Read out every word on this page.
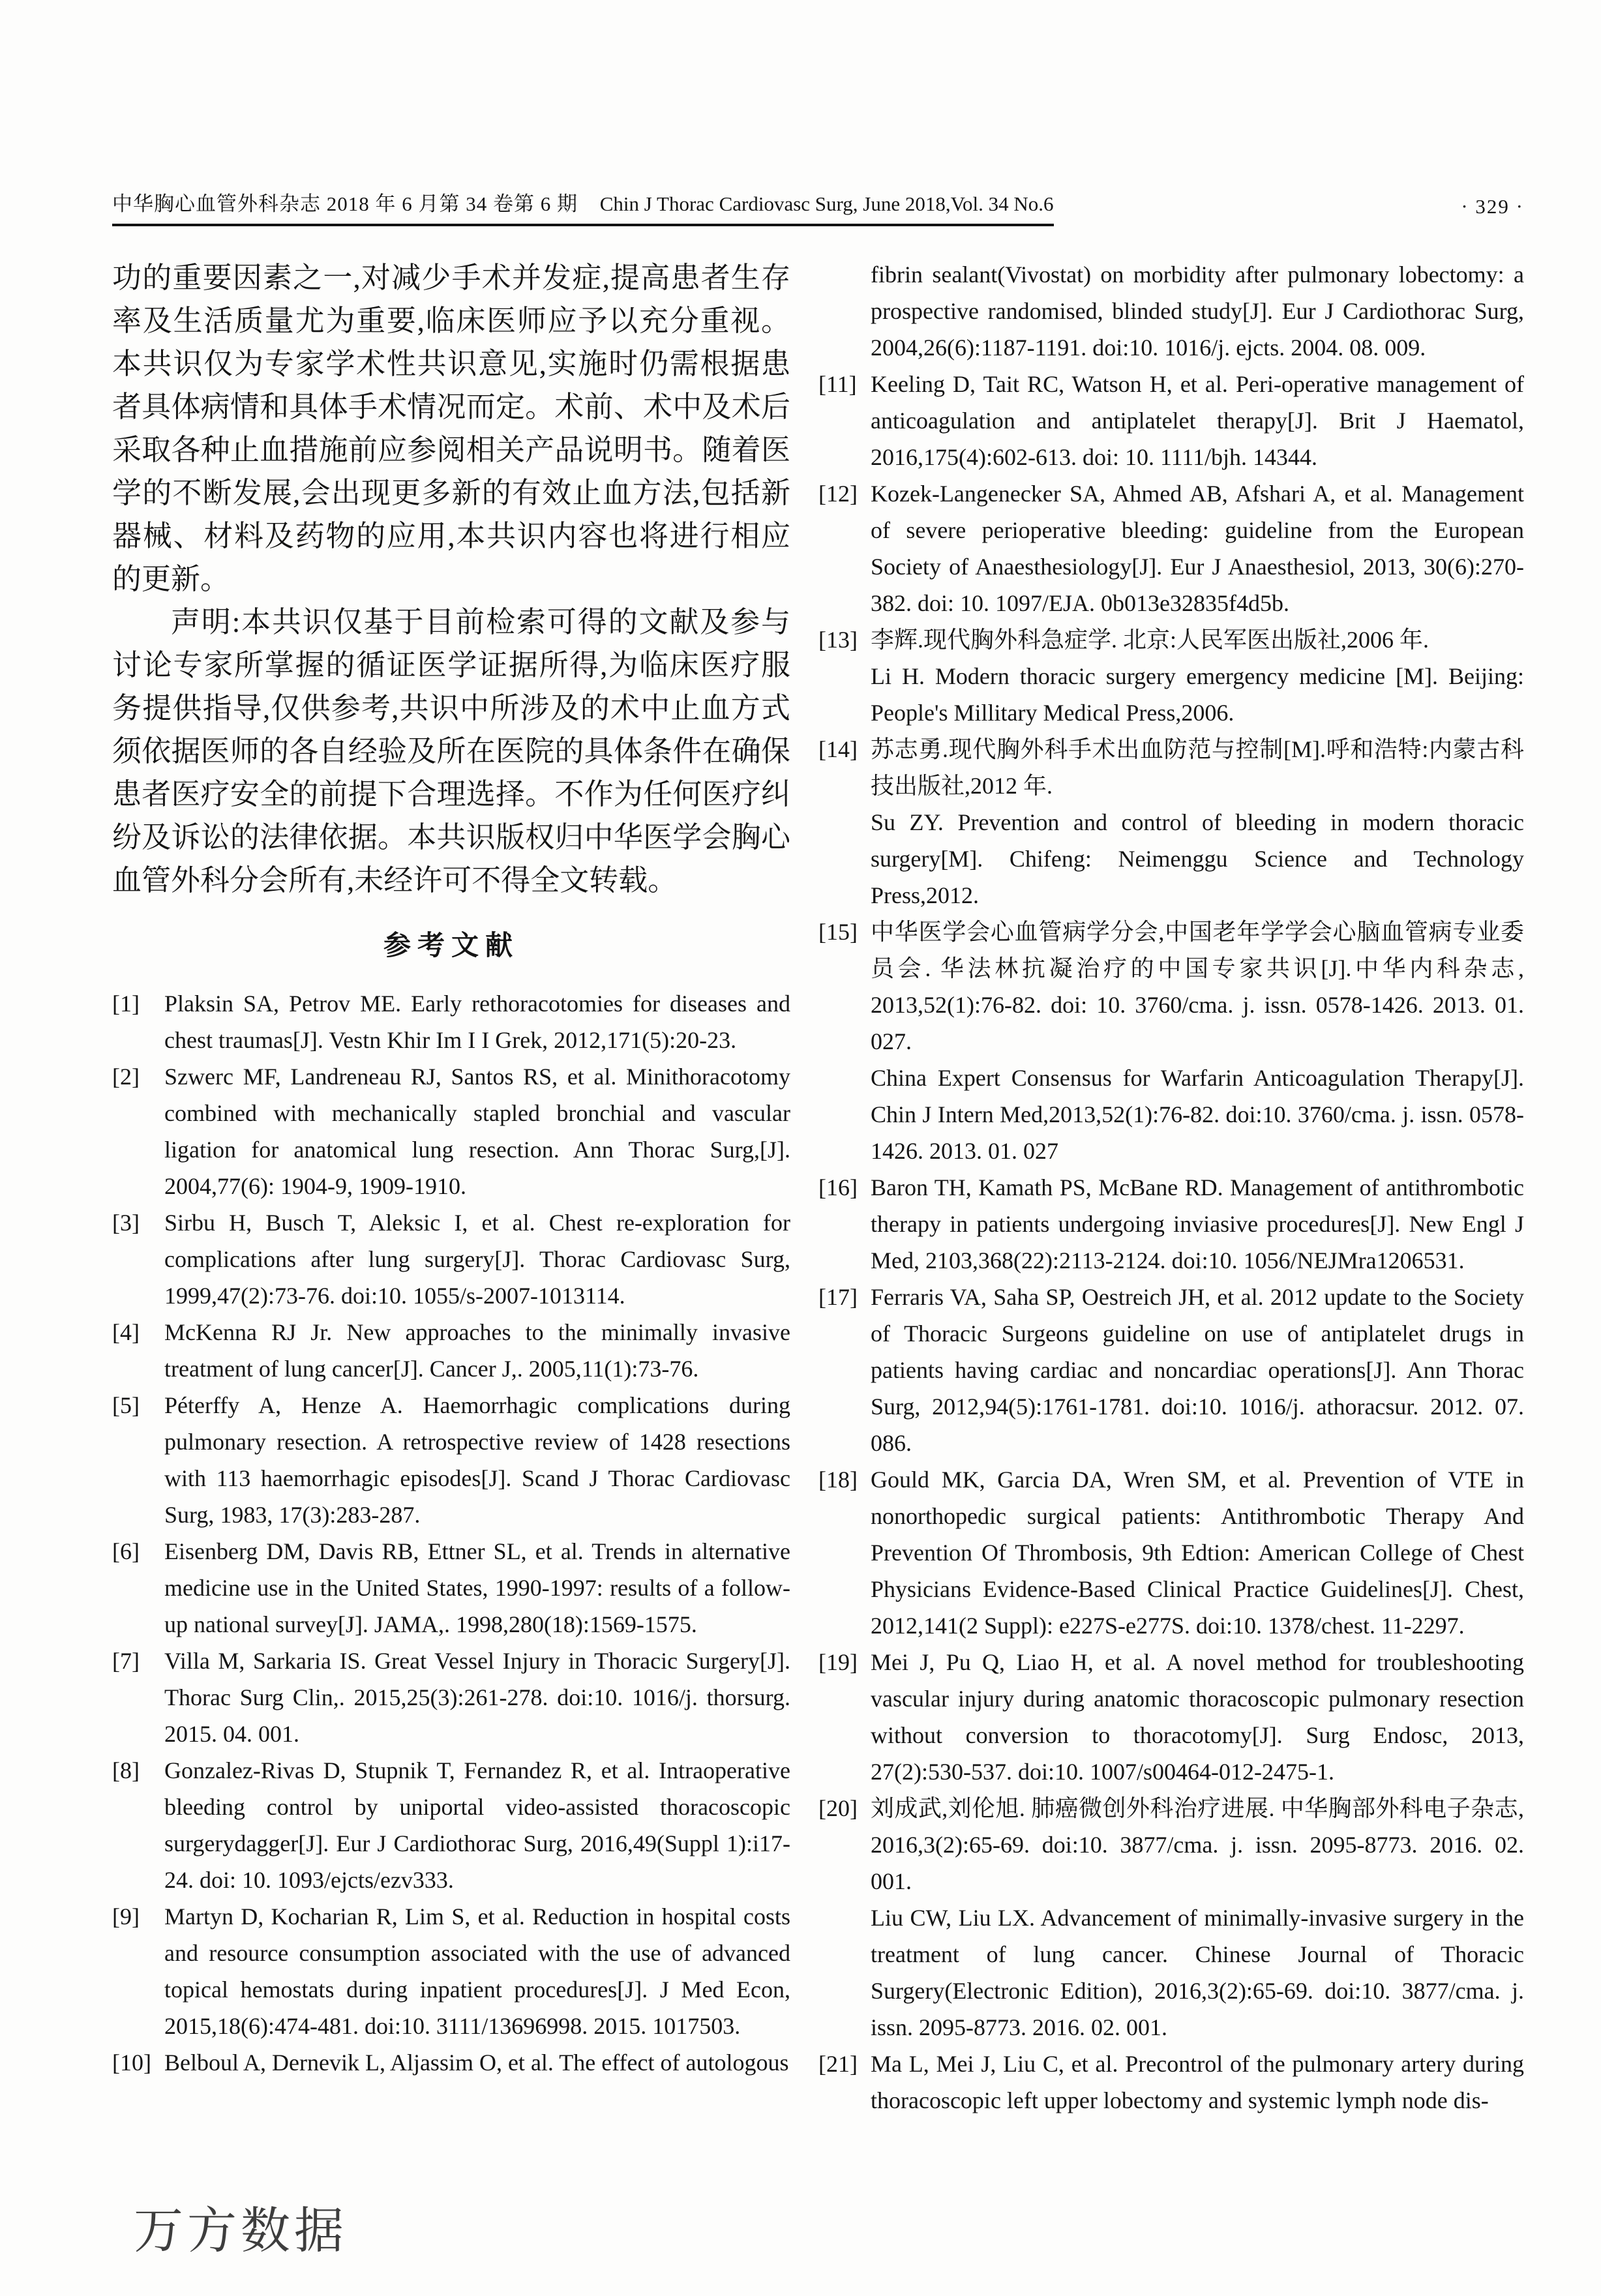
中华胸心血管外科杂志 2018 年 6 月第 34 卷第 6 期 Chin J Thorac Cardiovasc Surg, June 2018,Vol. 34 No.6	· 329 ·

功的重要因素之一,对减少手术并发症,提高患者生存率及生活质量尤为重要,临床医师应予以充分重视。本共识仅为专家学术性共识意见,实施时仍需根据患者具体病情和具体手术情况而定。术前、术中及术后采取各种止血措施前应参阅相关产品说明书。随着医学的不断发展,会出现更多新的有效止血方法,包括新器械、材料及药物的应用,本共识内容也将进行相应的更新。

声明:本共识仅基于目前检索可得的文献及参与讨论专家所掌握的循证医学证据所得,为临床医疗服务提供指导,仅供参考,共识中所涉及的术中止血方式须依据医师的各自经验及所在医院的具体条件在确保患者医疗安全的前提下合理选择。不作为任何医疗纠纷及诉讼的法律依据。本共识版权归中华医学会胸心血管外科分会所有,未经许可不得全文转载。

参考文献

[1] Plaksin SA, Petrov ME. Early rethoracotomies for diseases and chest traumas[J]. Vestn Khir Im I I Grek, 2012,171(5):20-23.

[2] Szwerc MF, Landreneau RJ, Santos RS, et al. Minithoracotomy combined with mechanically stapled bronchial and vascular ligation for anatomical lung resection. Ann Thorac Surg,[J]. 2004,77(6): 1904-9, 1909-1910.

[3] Sirbu H, Busch T, Aleksic I, et al. Chest re-exploration for complications after lung surgery[J]. Thorac Cardiovasc Surg, 1999,47(2):73-76. doi:10. 1055/s-2007-1013114.

[4] McKenna RJ Jr. New approaches to the minimally invasive treatment of lung cancer[J]. Cancer J,. 2005,11(1):73-76.

[5] Péterffy A, Henze A. Haemorrhagic complications during pulmonary resection. A retrospective review of 1428 resections with 113 haemorrhagic episodes[J]. Scand J Thorac Cardiovasc Surg, 1983, 17(3):283-287.

[6] Eisenberg DM, Davis RB, Ettner SL, et al. Trends in alternative medicine use in the United States, 1990-1997: results of a follow-up national survey[J]. JAMA,. 1998,280(18):1569-1575.

[7] Villa M, Sarkaria IS. Great Vessel Injury in Thoracic Surgery[J]. Thorac Surg Clin,. 2015,25(3):261-278. doi:10. 1016/j. thorsurg. 2015. 04. 001.

[8] Gonzalez-Rivas D, Stupnik T, Fernandez R, et al. Intraoperative bleeding control by uniportal video-assisted thoracoscopic surgerydagger[J]. Eur J Cardiothorac Surg, 2016,49(Suppl 1):i17-24. doi: 10. 1093/ejcts/ezv333.

[9] Martyn D, Kocharian R, Lim S, et al. Reduction in hospital costs and resource consumption associated with the use of advanced topical hemostats during inpatient procedures[J]. J Med Econ, 2015,18(6):474-481. doi:10. 3111/13696998. 2015. 1017503.

[10] Belboul A, Dernevik L, Aljassim O, et al. The effect of autologous

fibrin sealant(Vivostat) on morbidity after pulmonary lobectomy: a prospective randomised, blinded study[J]. Eur J Cardiothorac Surg, 2004,26(6):1187-1191. doi:10. 1016/j. ejcts. 2004. 08. 009.

[11] Keeling D, Tait RC, Watson H, et al. Peri-operative management of anticoagulation and antiplatelet therapy[J]. Brit J Haematol, 2016,175(4):602-613. doi: 10. 1111/bjh. 14344.

[12] Kozek-Langenecker SA, Ahmed AB, Afshari A, et al. Management of severe perioperative bleeding: guideline from the European Society of Anaesthesiology[J]. Eur J Anaesthesiol, 2013, 30(6):270-382. doi: 10. 1097/EJA. 0b013e32835f4d5b.

[13] 李辉.现代胸外科急症学. 北京:人民军医出版社,2006 年.

Li H. Modern thoracic surgery emergency medicine [M]. Beijing: People's Millitary Medical Press,2006.

[14] 苏志勇.现代胸外科手术出血防范与控制[M].呼和浩特:内蒙古科技出版社,2012 年.

Su ZY. Prevention and control of bleeding in modern thoracic surgery[M]. Chifeng: Neimenggu Science and Technology Press,2012.

[15] 中华医学会心血管病学分会,中国老年学学会心脑血管病专业委员会. 华法林抗凝治疗的中国专家共识[J].中华内科杂志, 2013,52(1):76-82. doi: 10. 3760/cma. j. issn. 0578-1426. 2013. 01. 027.

China Expert Consensus for Warfarin Anticoagulation Therapy[J]. Chin J Intern Med,2013,52(1):76-82. doi:10. 3760/cma. j. issn. 0578-1426. 2013. 01. 027

[16] Baron TH, Kamath PS, McBane RD. Management of antithrombotic therapy in patients undergoing inviasive procedures[J]. New Engl J Med, 2103,368(22):2113-2124. doi:10. 1056/NEJMra1206531.

[17] Ferraris VA, Saha SP, Oestreich JH, et al. 2012 update to the Society of Thoracic Surgeons guideline on use of antiplatelet drugs in patients having cardiac and noncardiac operations[J]. Ann Thorac Surg, 2012,94(5):1761-1781. doi:10. 1016/j. athoracsur. 2012. 07. 086.

[18] Gould MK, Garcia DA, Wren SM, et al. Prevention of VTE in nonorthopedic surgical patients: Antithrombotic Therapy And Prevention Of Thrombosis, 9th Edtion: American College of Chest Physicians Evidence-Based Clinical Practice Guidelines[J]. Chest, 2012,141(2 Suppl): e227S-e277S. doi:10. 1378/chest. 11-2297.

[19] Mei J, Pu Q, Liao H, et al. A novel method for troubleshooting vascular injury during anatomic thoracoscopic pulmonary resection without conversion to thoracotomy[J]. Surg Endosc, 2013, 27(2):530-537. doi:10. 1007/s00464-012-2475-1.

[20] 刘成武,刘伦旭. 肺癌微创外科治疗进展. 中华胸部外科电子杂志, 2016,3(2):65-69. doi:10. 3877/cma. j. issn. 2095-8773. 2016. 02. 001.

Liu CW, Liu LX. Advancement of minimally-invasive surgery in the treatment of lung cancer. Chinese Journal of Thoracic Surgery(Electronic Edition), 2016,3(2):65-69. doi:10. 3877/cma. j. issn. 2095-8773. 2016. 02. 001.

[21] Ma L, Mei J, Liu C, et al. Precontrol of the pulmonary artery during thoracoscopic left upper lobectomy and systemic lymph node dis-

万方数据
